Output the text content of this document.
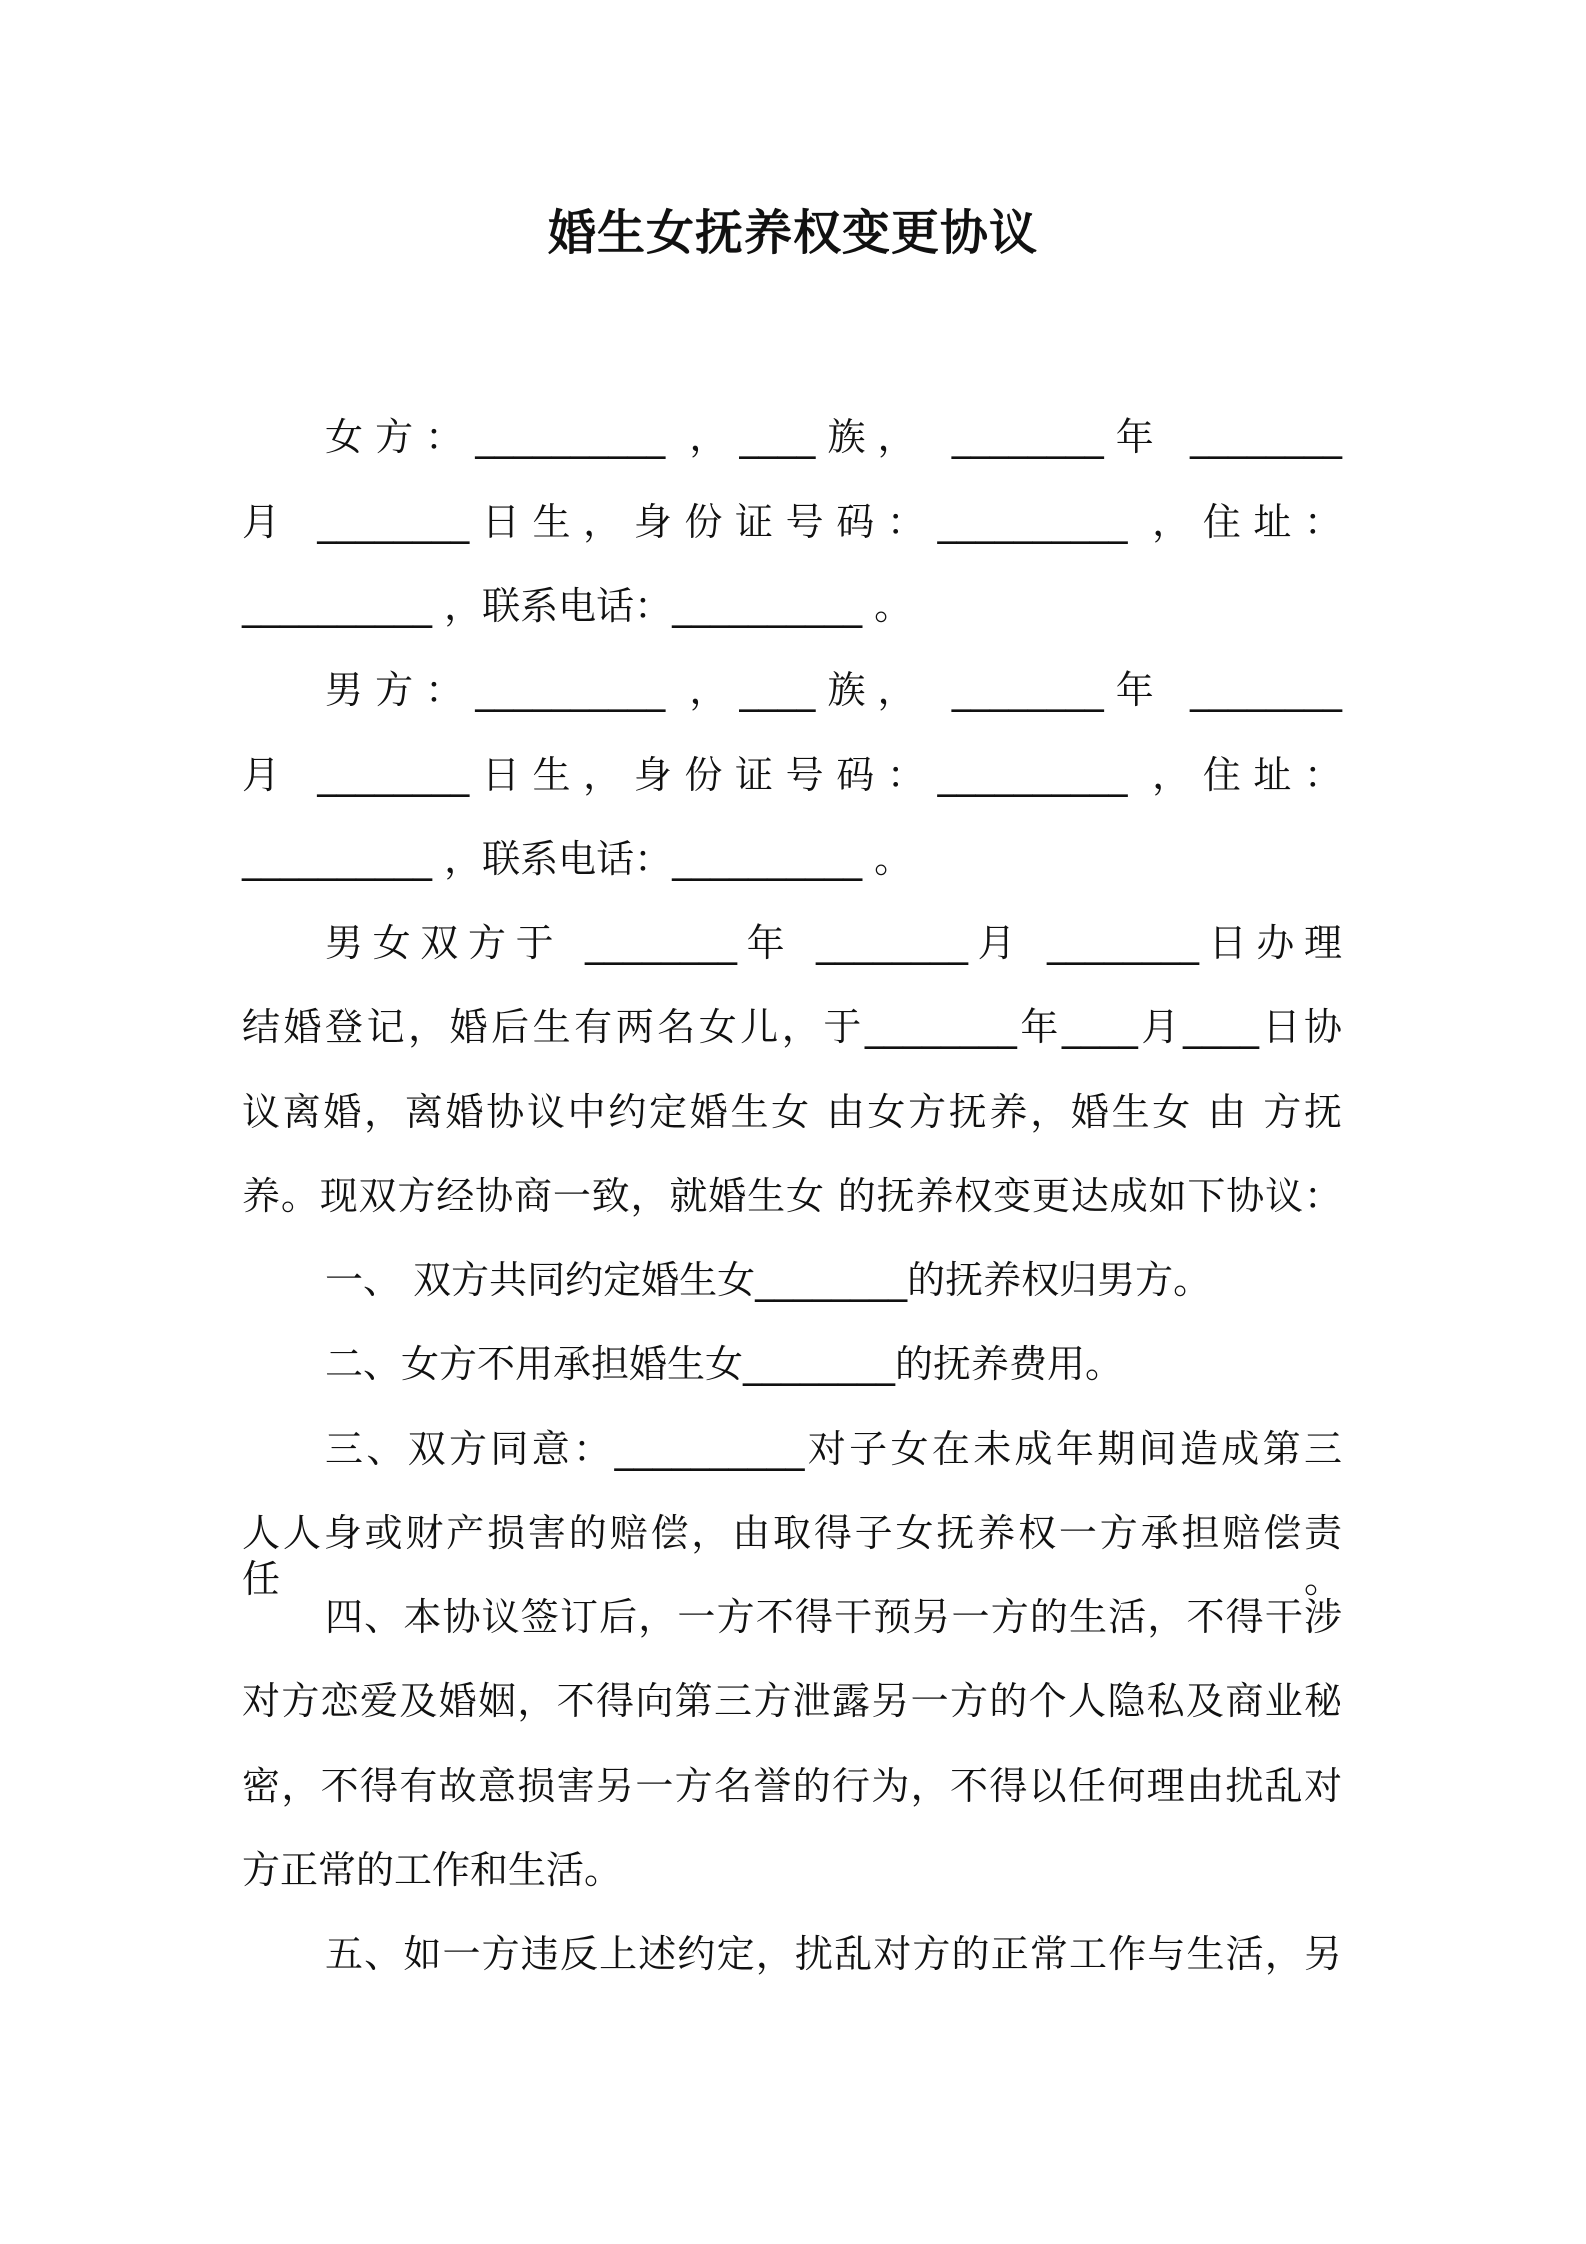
婚生女抚养权变更协议
女方：__________ ，____族， ________年 ________
月 ________日生，身份证号码：__________ ，住址：
__________ ，联系电话：__________ 。
男方：__________ ，____族， ________年 ________
月 ________日生，身份证号码：__________ ，住址：
__________ ，联系电话：__________ 。
男女双方于 ________年 ________月 ________日办理
结婚登记，婚后生有两名女儿，于________年____月____日协
议离婚，离婚协议中约定婚生女 由女方抚养，婚生女 由 方抚
养。现双方经协商一致，就婚生女 的抚养权变更达成如下协议：
一、 双方共同约定婚生女________的抚养权归男方。
二、女方不用承担婚生女________的抚养费用。
三、双方同意：__________对子女在未成年期间造成第三
人人身或财产损害的赔偿，由取得子女抚养权一方承担赔偿责任。
四、本协议签订后，一方不得干预另一方的生活，不得干涉
对方恋爱及婚姻，不得向第三方泄露另一方的个人隐私及商业秘
密，不得有故意损害另一方名誉的行为，不得以任何理由扰乱对
方正常的工作和生活。
五、如一方违反上述约定，扰乱对方的正常工作与生活，另
